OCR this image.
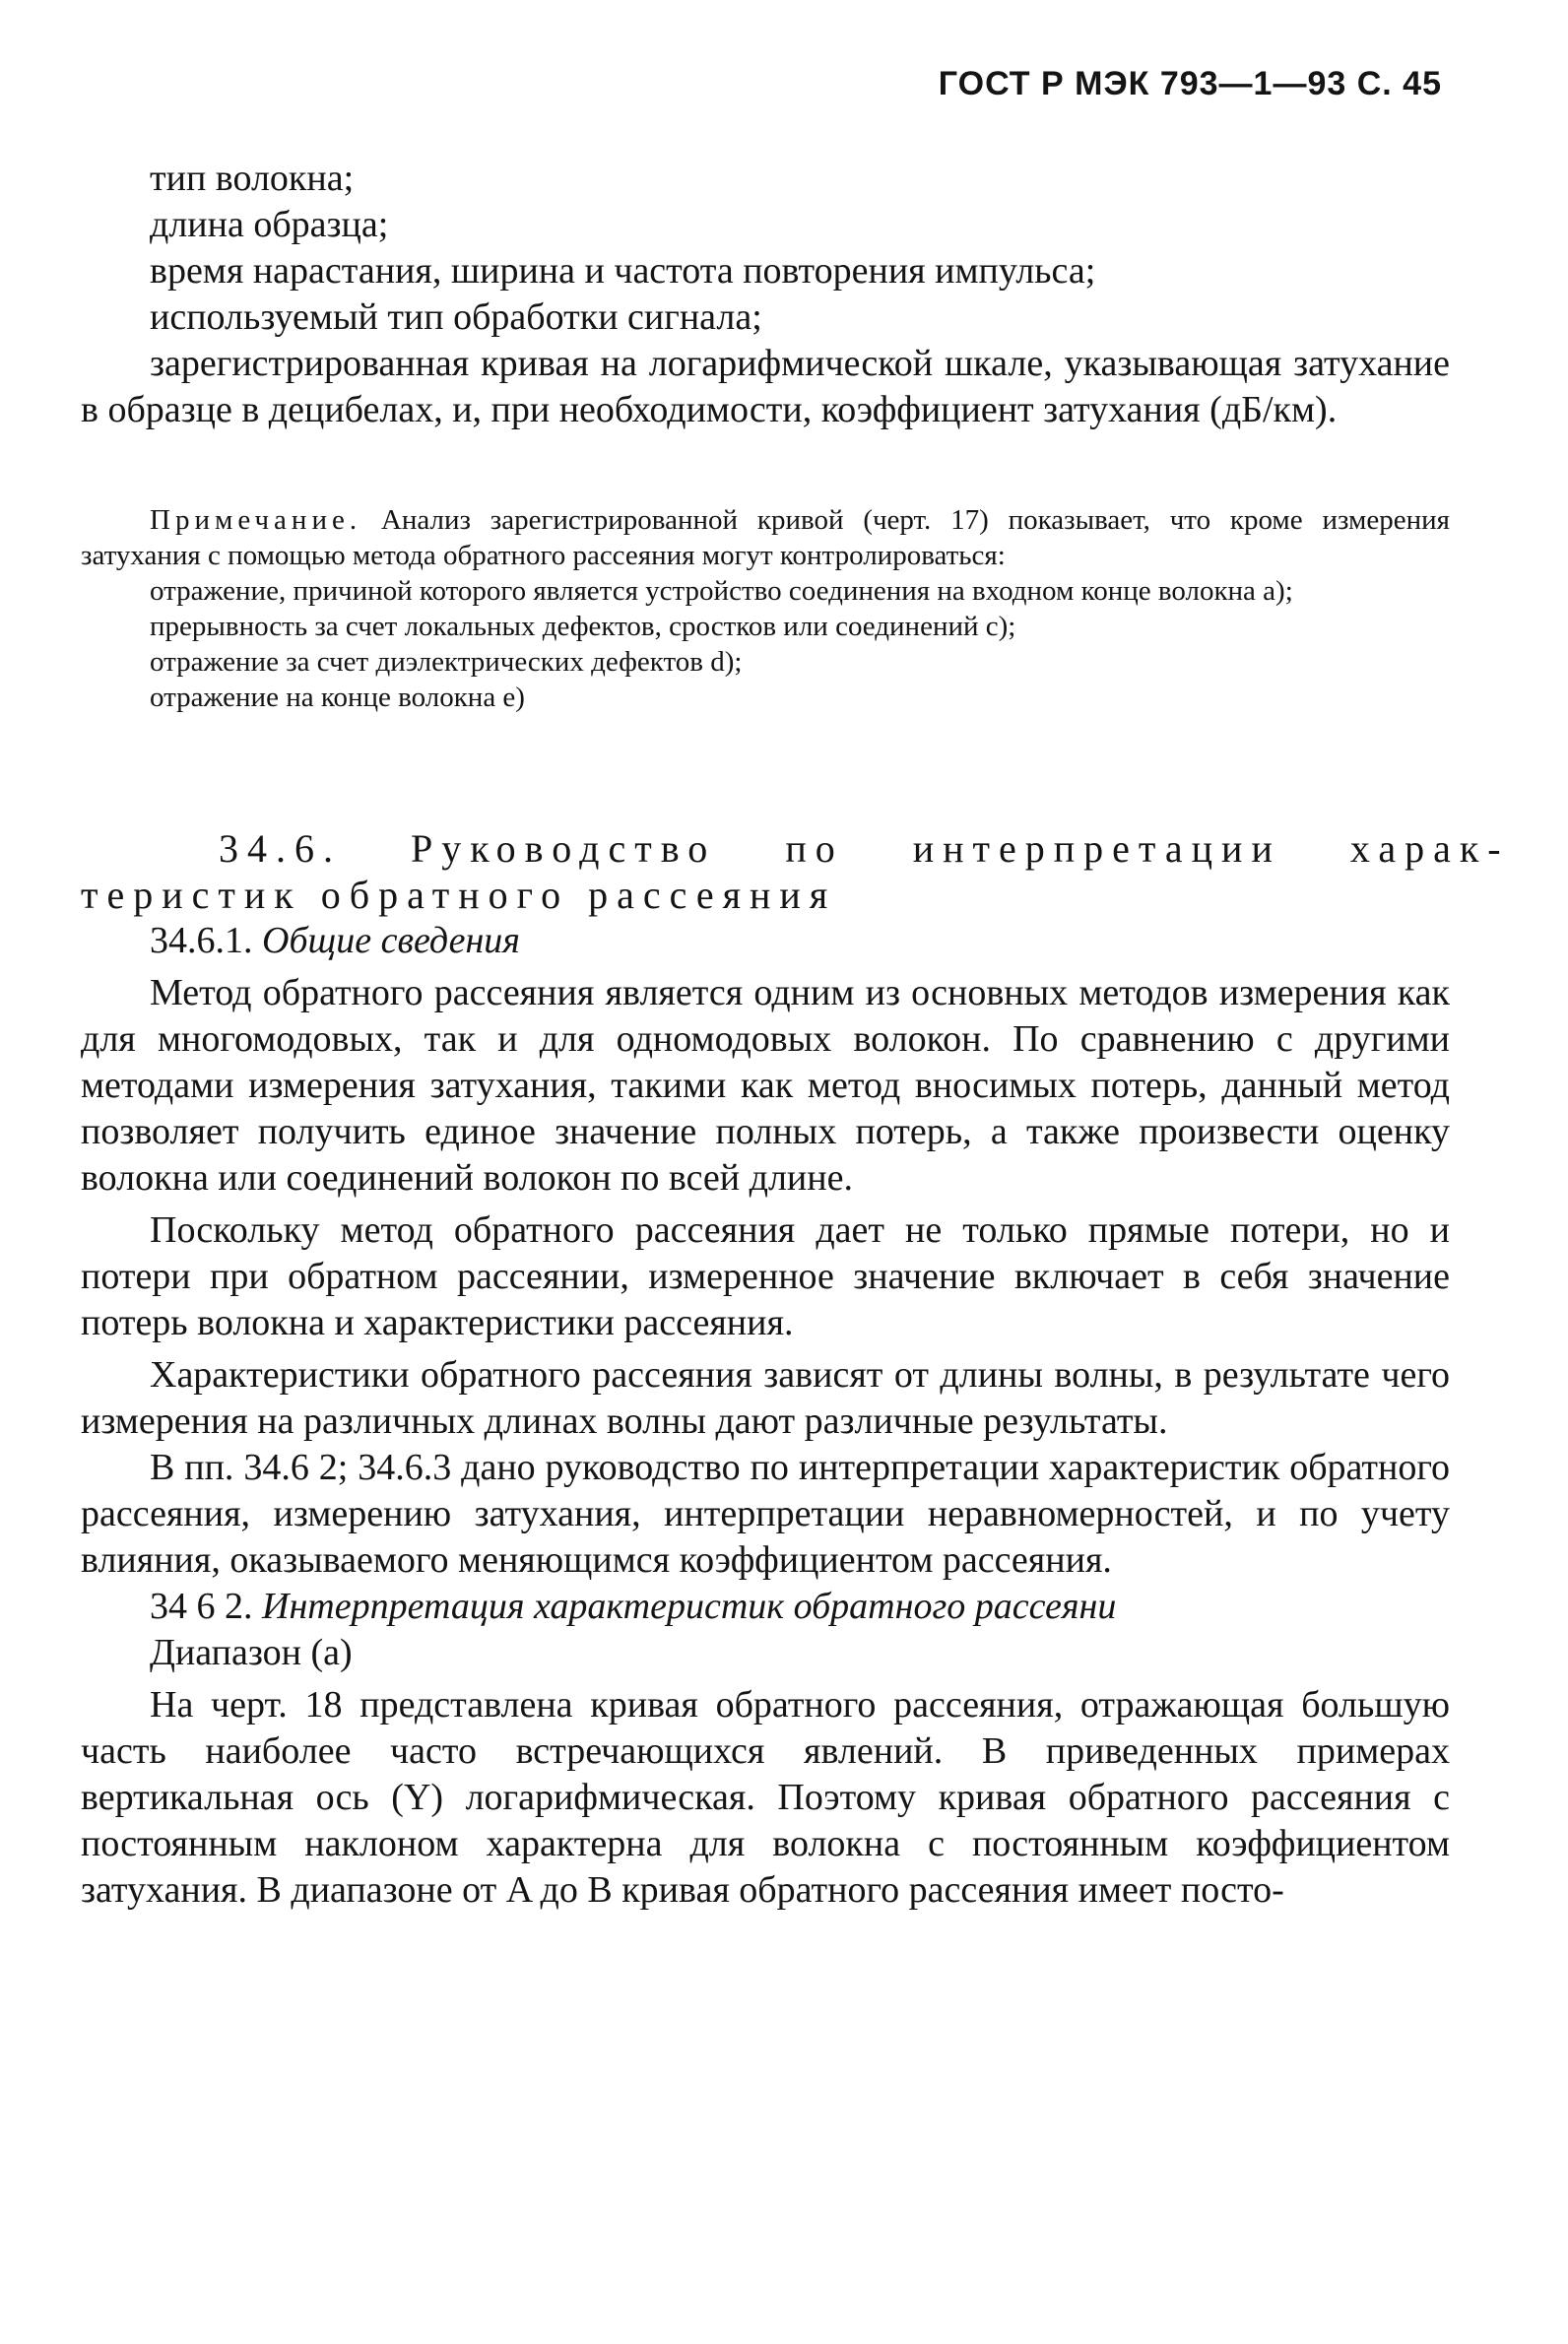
ГОСТ Р МЭК 793—1—93 С. 45

тип волокна;

длина образца;

время нарастания, ширина и частота повторения импульса;

используемый тип обработки сигнала;

зарегистрированная кривая на логарифмической шкале, указывающая затухание в образце в децибелах, и, при необходимости, коэффициент затухания (дБ/км).

Примечание. Анализ зарегистрированной кривой (черт. 17) показывает, что кроме измерения затухания с помощью метода обратного рассеяния могут контролироваться:

отражение, причиной которого является устройство соединения на входном конце волокна a);

прерывность за счет локальных дефектов, сростков или соединений c);

отражение за счет диэлектрических дефектов d);

отражение на конце волокна e)

34.6.	Руководство	по	интерпретации	харак-

теристик обратного рассеяния

34.6.1. Общие сведения

Метод обратного рассеяния является одним из основных методов измерения как для многомодовых, так и для одномодовых волокон. По сравнению с другими методами измерения затухания, такими как метод вносимых потерь, данный метод позволяет получить единое значение полных потерь, а также произвести оценку волокна или соединений волокон по всей длине.

Поскольку метод обратного рассеяния дает не только прямые потери, но и потери при обратном рассеянии, измеренное значение включает в себя значение потерь волокна и характеристики рассеяния.

Характеристики обратного рассеяния зависят от длины волны, в результате чего измерения на различных длинах волны дают различные результаты.

В пп. 34.6 2; 34.6.3 дано руководство по интерпретации характеристик обратного рассеяния, измерению затухания, интерпретации неравномерностей, и по учету влияния, оказываемого меняющимся коэффициентом рассеяния.

34 6 2. Интерпретация характеристик обратного рассеяни

Диапазон (a)

На черт. 18 представлена кривая обратного рассеяния, отражающая большую часть наиболее часто встречающихся явлений. В приведенных примерах вертикальная ось (Y) логарифмическая. Поэтому кривая обратного рассеяния с постоянным наклоном характерна для волокна с постоянным коэффициентом затухания. В диапазоне от A до B кривая обратного рассеяния имеет посто-
